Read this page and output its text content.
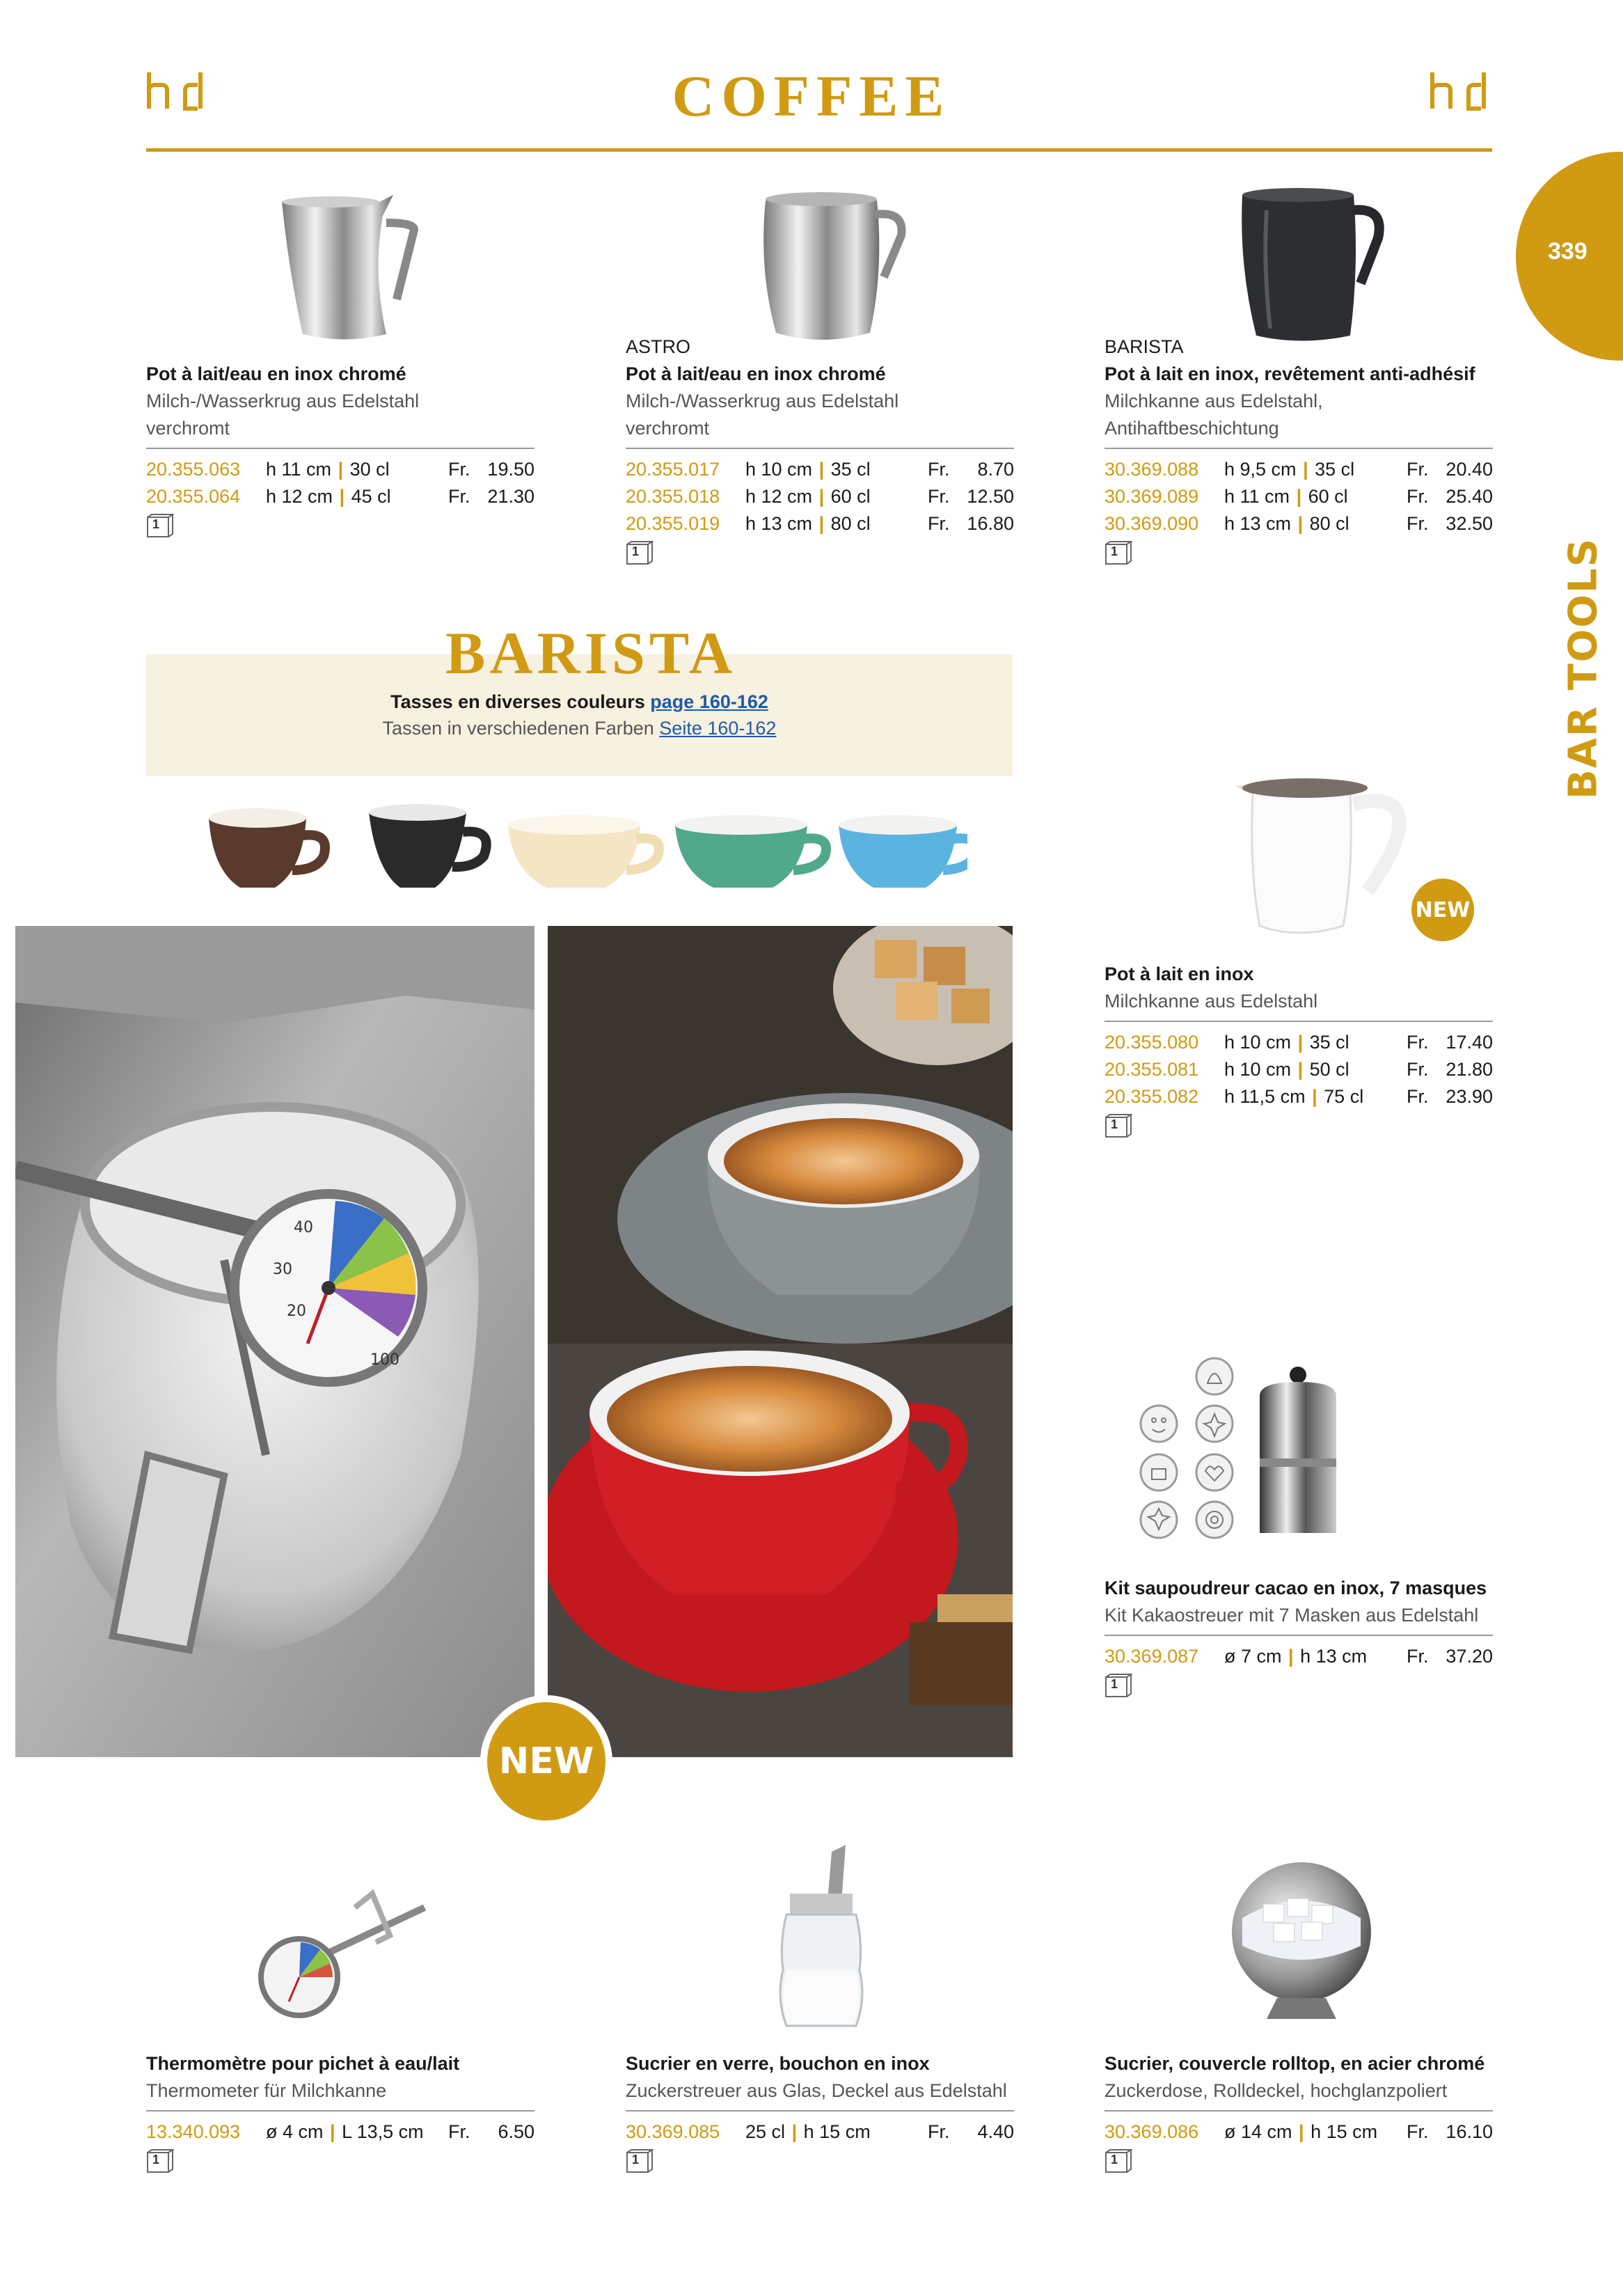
COFFEE
339
BAR TOOLS
Pot à lait/eau en inox chromé
Milch-/Wasserkrug aus Edelstahl
verchromt
20.355.063	h 11 cm | 30 cl	Fr. 19.50
20.355.064	h 12 cm | 45 cl	Fr. 21.30
1
ASTRO
Pot à lait/eau en inox chromé
Milch-/Wasserkrug aus Edelstahl
verchromt
20.355.017	h 10 cm | 35 cl	Fr.	8.70
20.355.018	h 12 cm | 60 cl	Fr. 12.50
20.355.019	h 13 cm | 80 cl	Fr. 16.80
1
BARISTA
Pot à lait en inox, revêtement anti-adhésif
Milchkanne aus Edelstahl,
Antihaftbeschichtung
30.369.088	h 9,5 cm | 35 cl	Fr. 20.40
30.369.089	h 11 cm | 60 cl	Fr. 25.40
30.369.090	h 13 cm | 80 cl	Fr. 32.50
1
BARISTA
Tasses en diverses couleurs page 160-162
Tassen in verschiedenen Farben Seite 160-162
20
30
40
100
NEW
NEW
Pot à lait en inox
Milchkanne aus Edelstahl
20.355.080	h 10 cm | 35 cl	Fr. 17.40
20.355.081	h 10 cm | 50 cl	Fr. 21.80
20.355.082	h 11,5 cm | 75 cl	Fr. 23.90
1
Kit saupoudreur cacao en inox, 7 masques
Kit Kakaostreuer mit 7 Masken aus Edelstahl
30.369.087	ø 7 cm | h 13 cm	Fr. 37.20
1
Thermomètre pour pichet à eau/lait
Thermometer für Milchkanne
13.340.093	ø 4 cm | L 13,5 cm	Fr.	6.50
1
Sucrier en verre, bouchon en inox
Zuckerstreuer aus Glas, Deckel aus Edelstahl
30.369.085	25 cl | h 15 cm	Fr.	4.40
1
Sucrier, couvercle rolltop, en acier chromé
Zuckerdose, Rolldeckel, hochglanzpoliert
30.369.086	ø 14 cm | h 15 cm	Fr. 16.10
1
